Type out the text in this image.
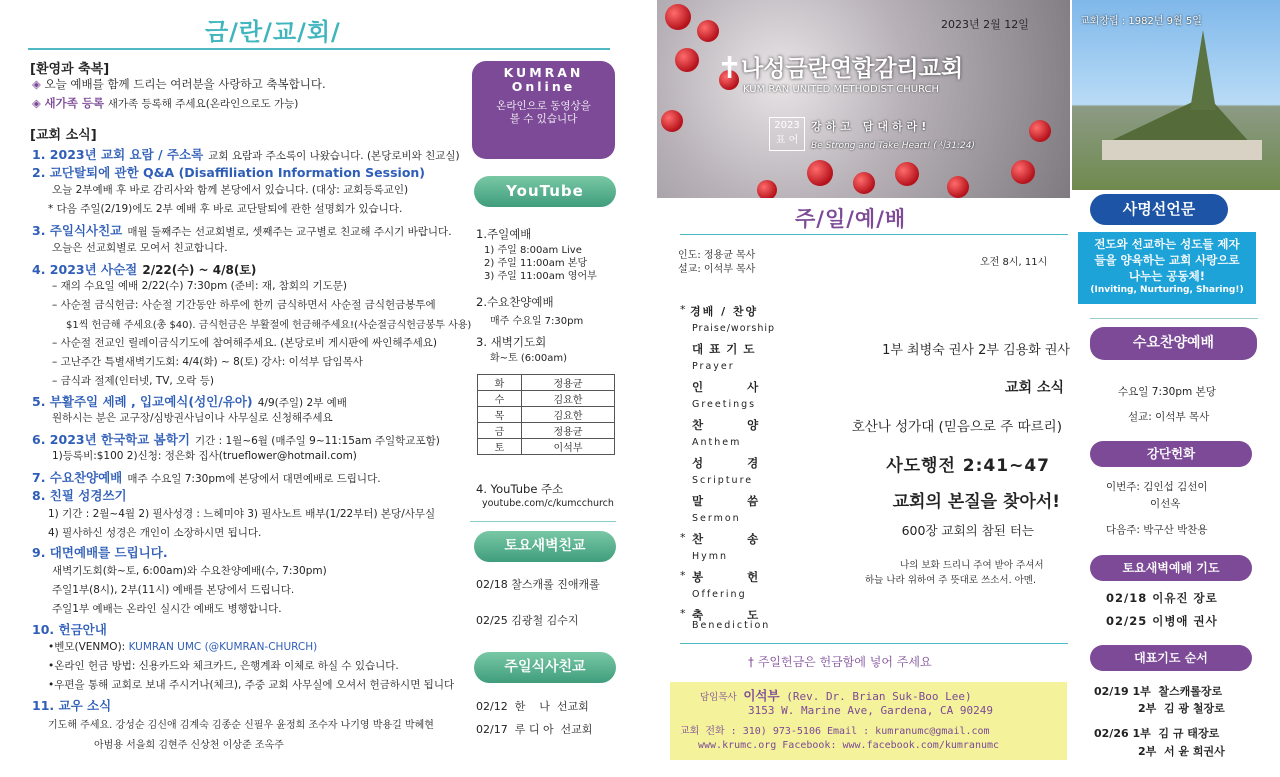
금/란/교/회/
[환영과 축복]
◈ 오늘 예배를 함께 드리는 여러분을 사랑하고 축복합니다.
◈ 새가족 등록 새가족 등록해 주세요(온라인으로도 가능)
[교회 소식]
1. 2023년 교회 요람 / 주소록 교회 요람과 주소록이 나왔습니다. (본당로비와 친교실)
2. 교단탈퇴에 관한 Q&A (Disaffiliation Information Session)
오늘 2부예배 후 바로 감리사와 함께 본당에서 있습니다. (대상: 교회등록교인)
* 다음 주일(2/19)에도 2부 예배 후 바로 교단탈퇴에 관한 설명회가 있습니다.
3. 주일식사친교 매월 둘째주는 선교회별로, 셋째주는 교구별로 친교해 주시기 바랍니다.
오늘은 선교회별로 모여서 친교합니다.
4. 2023년 사순절 2/22(수) ~ 4/8(토)
– 재의 수요일 예배 2/22(수) 7:30pm (준비: 재, 참회의 기도문)
– 사순절 금식헌금: 사순절 기간동안 하루에 한끼 금식하면서 사순절 금식헌금봉투에
$1씩 헌금해 주세요(총 $40). 금식헌금은 부활절에 헌금해주세요!(사순절금식헌금봉투 사용)
– 사순절 전교인 릴레이금식기도에 참여해주세요. (본당로비 게시판에 싸인해주세요)
– 고난주간 특별새벽기도회: 4/4(화) ~ 8(토) 강사: 이석부 담임목사
– 금식과 절제(인터넷, TV, 오락 등)
5. 부활주일 세례 , 입교예식(성인/유아) 4/9(주일) 2부 예배
원하시는 분은 교구장/심방권사님이나 사무실로 신청해주세요
6. 2023년 한국학교 봄학기 기간 : 1월~6월 (매주일 9~11:15am 주일학교포함)
1)등록비:$100 2)신청: 정은화 집사(trueflower@hotmail.com)
7. 수요찬양예배 매주 수요일 7:30pm에 본당에서 대면예배로 드립니다.
8. 친필 성경쓰기
1) 기간 : 2월~4월 2) 필사성경 : 느헤미야 3) 필사노트 배부(1/22부터) 본당/사무실
4) 필사하신 성경은 개인이 소장하시면 됩니다.
9. 대면예배를 드립니다.
새벽기도회(화~토, 6:00am)와 수요찬양예배(수, 7:30pm)
주일1부(8시), 2부(11시) 예배를 본당에서 드립니다.
주일1부 예배는 온라인 실시간 예배도 병행합니다.
10. 헌금안내
•벤모(VENMO): KUMRAN UMC (@KUMRAN-CHURCH)
•온라인 헌금 방법: 신용카드와 체크카드, 은행계좌 이체로 하실 수 있습니다.
•우편을 통해 교회로 보내 주시거나(체크), 주중 교회 사무실에 오셔서 헌금하시면 됩니다
11. 교우 소식
기도해 주세요. 강성순 김신애 김계숙 김종순 신필우 윤정희 조수자 나기영 박용길 박혜현
아범용 서을희 김현주 신상천 이상준 조옥주
KUMRAN Online
온라인으로 동영상을 볼 수 있습니다
YouTube
1.주일예배
1) 주일 8:00am Live
2) 주일 11:00am 본당
3) 주일 11:00am 영어부
2.수요찬양예배
매주 수요일 7:30pm
3. 새벽기도회
화~토 (6:00am)
화	정용균
수	김요한
목	김요한
금	정용균
토	이석부
4. YouTube 주소
youtube.com/c/kumcchurch
토요새벽친교
02/18 찰스캐롤 진애캐롤
02/25 김광철 김수지
주일식사친교
02/12  한    나  선교회
02/17  루 디 아  선교회
2023년 2월 12일
✝
나성금란연합감리교회
KUM RAN UNITED METHODIST CHURCH
2023
표 어
강하고 담대하라!
Be Strong and Take Heart! (시31:24)
교회창립 : 1982년 9월 5일
주/일/예/배
인도: 정용균 목사
설교: 이석부 목사
오전 8시, 11시
* 경배 / 찬양
Praise/worship
대표기도
Prayer
1부 최병숙 권사 2부 김용화 권사
인사
Greetings
교회 소식
찬양
Anthem
호산나 성가대 (믿음으로 주 따르리)
성경
Scripture
사도행전 2:41~47
말씀
Sermon
교회의 본질을 찾아서!
* 찬송
Hymn
600장 교회의 참된 터는
* 봉헌
Offering
* 축도
Benediction
나의 보화 드리니 주여 받아 주셔서
하늘 나라 위하여 주 뜻대로 쓰소서. 아멘.
† 주일헌금은 헌금함에 넣어 주세요
담임목사 이석부 (Rev. Dr. Brian Suk-Boo Lee)
3153 W. Marine Ave, Gardena, CA 90249
교회 전화 : 310) 973-5106 Email : kumranumc@gmail.com
www.krumc.org Facebook: www.facebook.com/kumranumc
사명선언문
전도와 선교하는 성도들 제자들을 양육하는 교회 사랑으로 나누는 공동체!
(Inviting, Nurturing, Sharing!)
수요찬양예배
수요일 7:30pm 본당
설교: 이석부 목사
강단헌화
이번주: 김인섭 김선이
이선옥
다음주: 박구산 박찬용
토요새벽예배 기도
02/18 이유진 장로
02/25 이병애 권사
대표기도 순서
02/19 1부  찰스캐롤장로
2부  김 광 철장로
02/26 1부  김 규 태장로
2부  서 윤 희권사
